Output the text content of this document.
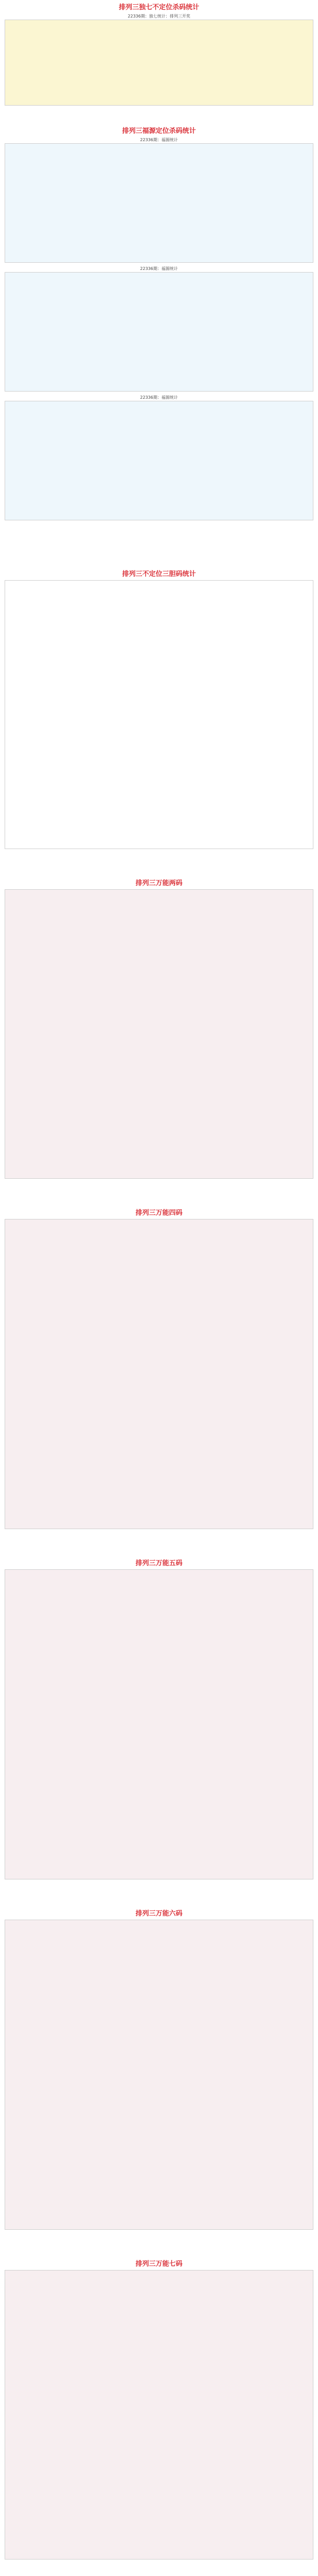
排列三独七不定位杀码统计
22336期：独七统计：排列三开奖
排列三福源定位杀码统计
22336期：福源统计
22336期：福源统计
22336期：福源统计
排列三不定位三胆码统计
排列三万能两码
排列三万能四码
排列三万能五码
排列三万能六码
排列三万能七码
